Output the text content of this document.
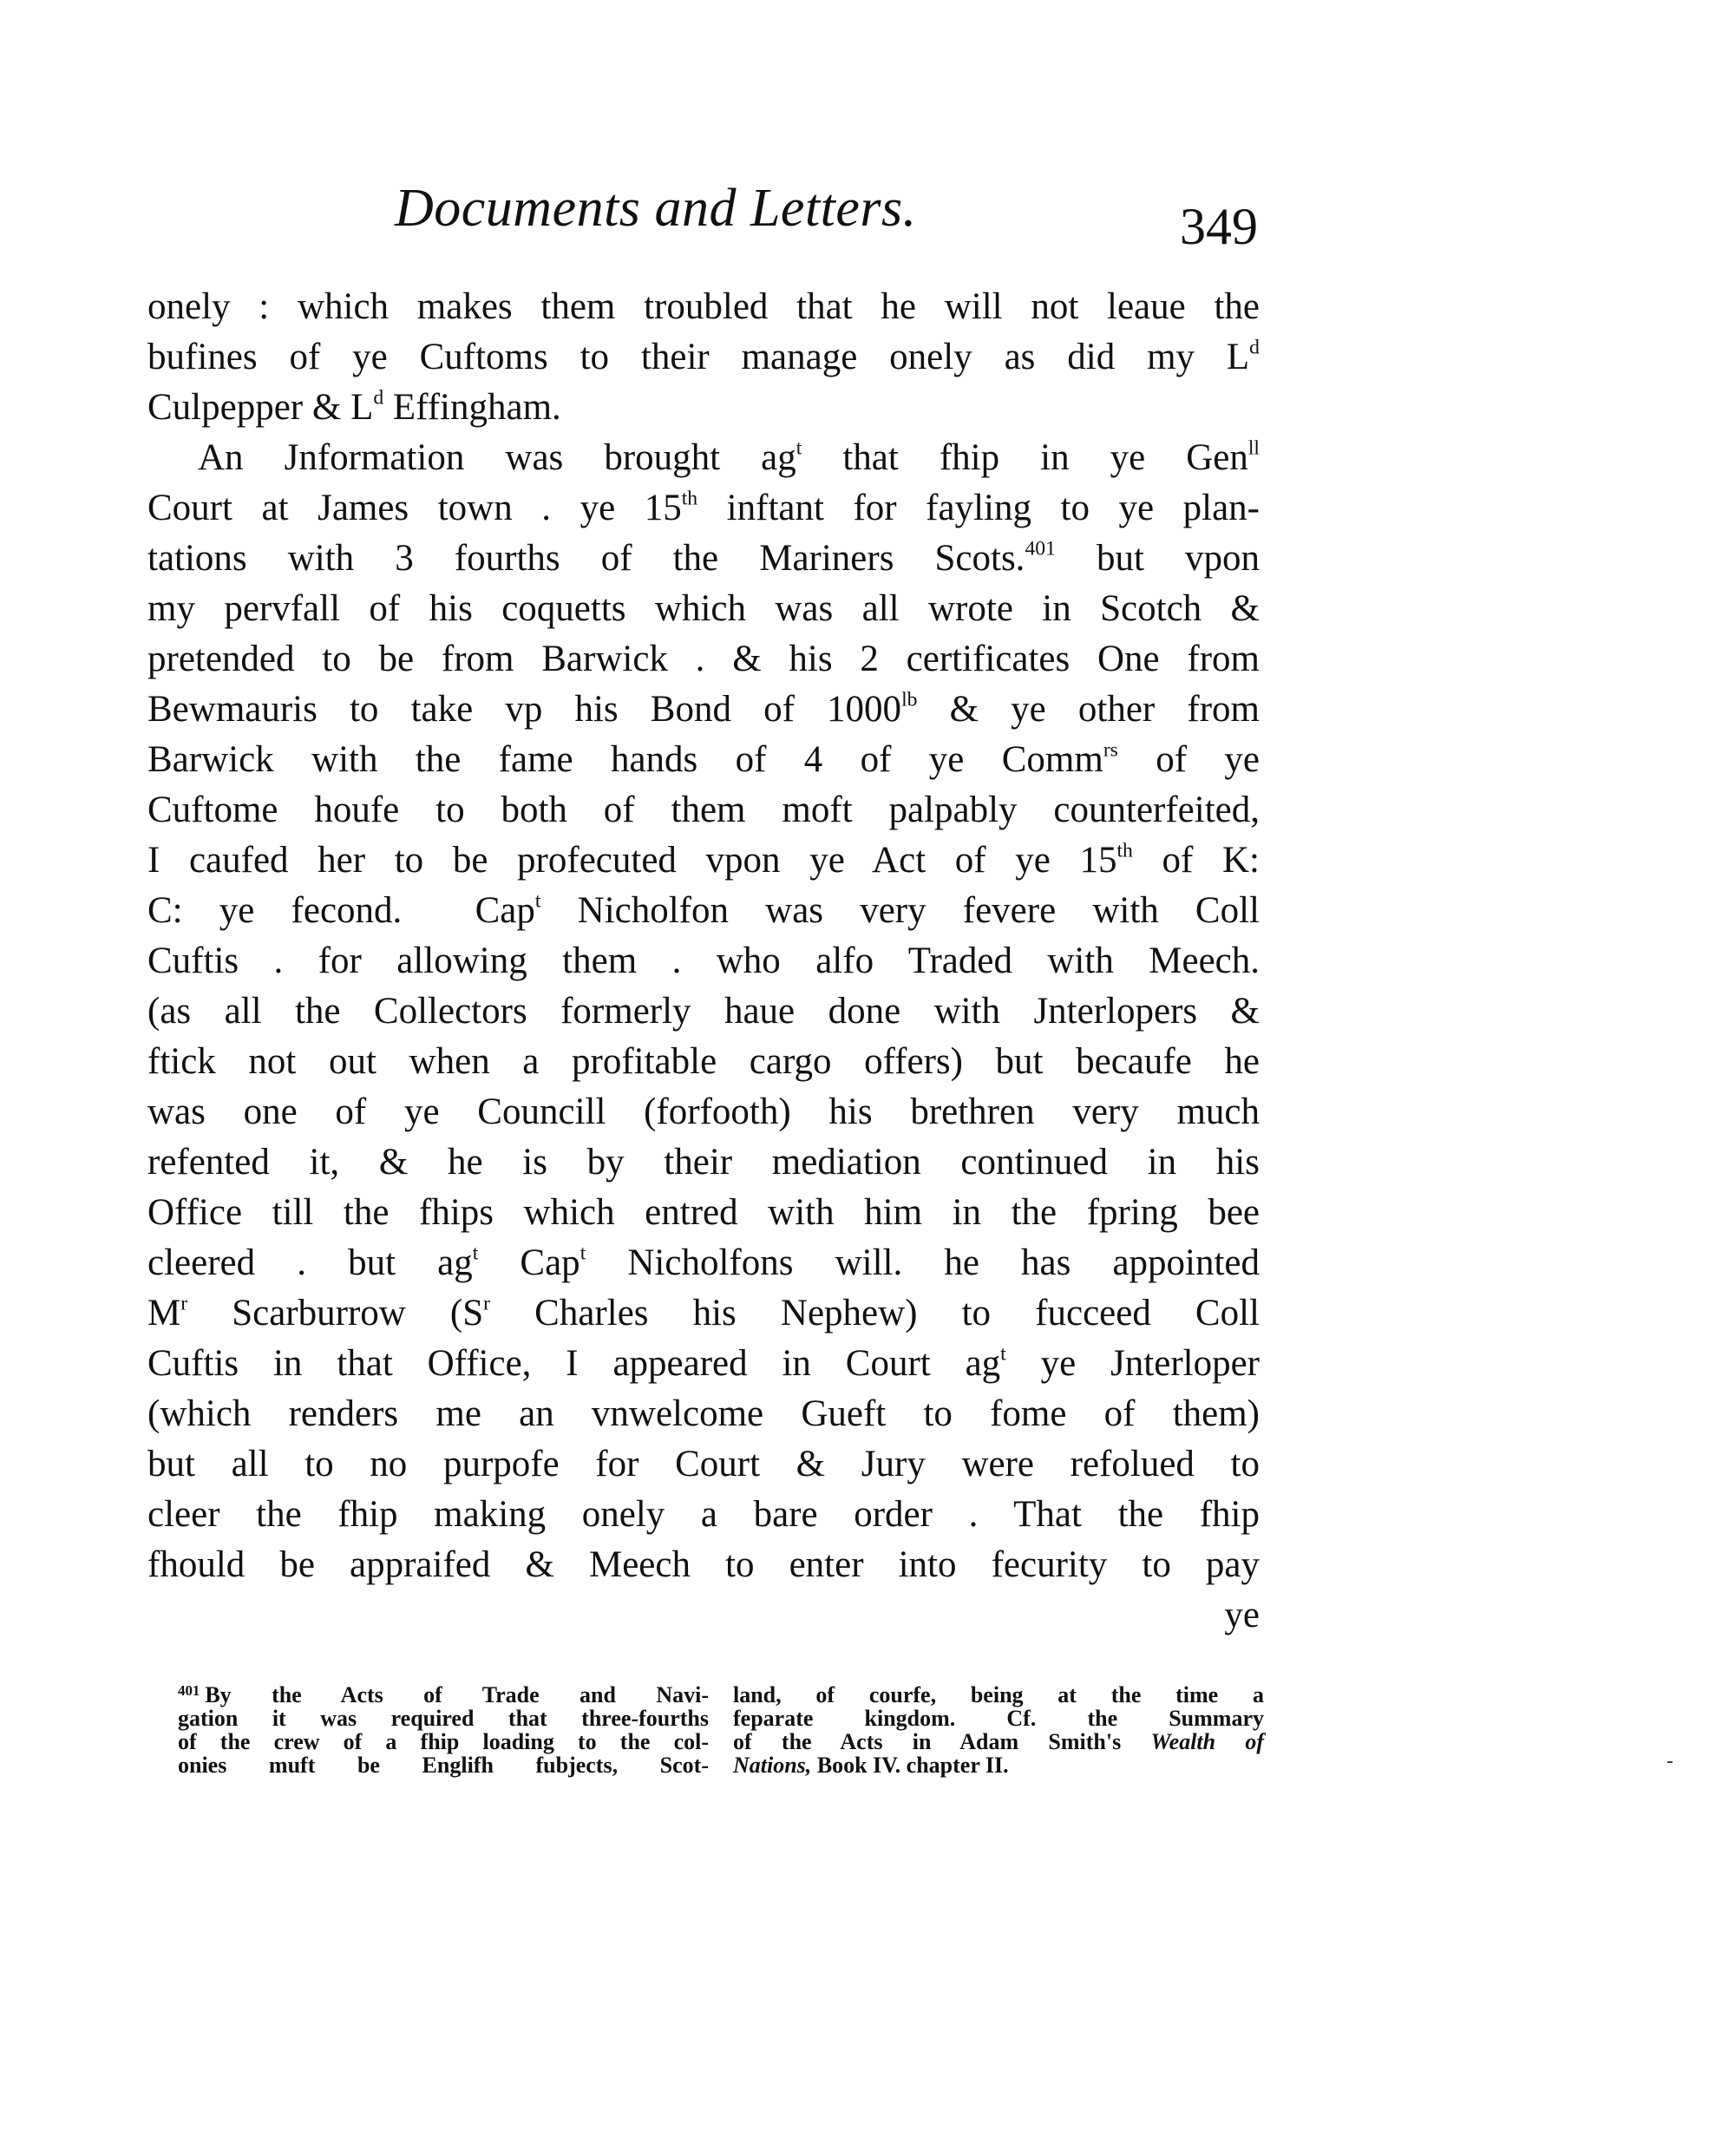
Documents and Letters.	349
onely : which makes them troubled that he will not leaue the
bufines of ye Cuftoms to their manage onely as did my $L^d$
Culpepper & $L^d$ Effingham.
An Jnformation was brought $ag^t$ that fhip in ye Gen$^{ll}$
Court at James town . ye 15th inftant for fayling to ye plan-
tations with 3 fourths of the Mariners Scots.$^{401}$ but vpon
my pervfall of his coquetts which was all wrote in Scotch &
pretended to be from Barwick . & his 2 certificates One from
Bewmauris to take vp his Bond of $1000^{lb}$ & ye other from
Barwick with the fame hands of 4 of ye Comm$^{rs}$ of ye
Cuftome houfe to both of them moft palpably counterfeited,
I caufed her to be profecuted vpon ye Act of ye 15th of K:
C: ye fecond. Cap$^t$ Nicholfon was very fevere with Coll
Cuftis . for allowing them . who alfo Traded with Meech.
(as all the Collectors formerly haue done with Jnterlopers &
ftick not out when a profitable cargo offers) but becaufe he
was one of ye Councill (forfooth) his brethren very much
refented it, & he is by their mediation continued in his
Office till the fhips which entred with him in the fpring bee
cleered . but $ag^t$ Cap$^t$ Nicholfons will. he has appointed
$M^r$ Scarburrow ($S^r$ Charles his Nephew) to fucceed Coll
Cuftis in that Office, I appeared in Court $ag^t$ ye Jnterloper
(which renders me an vnwelcome Gueft to fome of them)
but all to no purpofe for Court & Jury were refolued to
cleer the fhip making onely a bare order . That the fhip
fhould be appraifed & Meech to enter into fecurity to pay
ye
$^{401}$ By the Acts of Trade and Navi-
gation it was required that three-fourths
of the crew of a fhip loading to the col-
onies muft be Englifh fubjects, Scot-
land, of courfe, being at the time a
feparate kingdom. Cf. the Summary
of the Acts in Adam Smith's Wealth of
Nations, Book IV. chapter II.
